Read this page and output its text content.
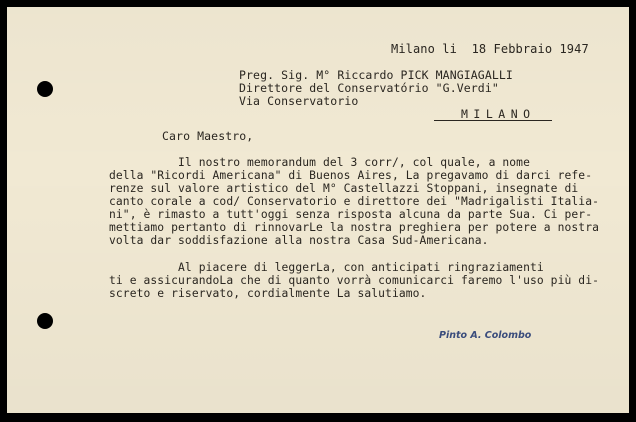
Milano li  18 Febbraio 1947
Preg. Sig. M° Riccardo PICK MANGIAGALLI
Direttore del Conservatório "G.Verdi"
Via Conservatorio
MILANO
Caro Maestro,
Il nostro memorandum del 3 corr/, col quale, a nome
della "Ricordi Americana" di Buenos Aires, La pregavamo di darci refe-
renze sul valore artistico del M° Castellazzi Stoppani, insegnate di
canto corale a cod/ Conservatorio e direttore dei "Madrigalisti Italia-
ni", è rimasto a tutt'oggi senza risposta alcuna da parte Sua. Ci per-
mettiamo pertanto di rinnovarLe la nostra preghiera per potere a nostra
volta dar soddisfazione alla nostra Casa Sud-Americana.
Al piacere di leggerLa, con anticipati ringraziamenti
ti e assicurandoLa che di quanto vorrà comunicarci faremo l'uso più di-
screto e riservato, cordialmente La salutiamo.
Pinto A. Colombo
